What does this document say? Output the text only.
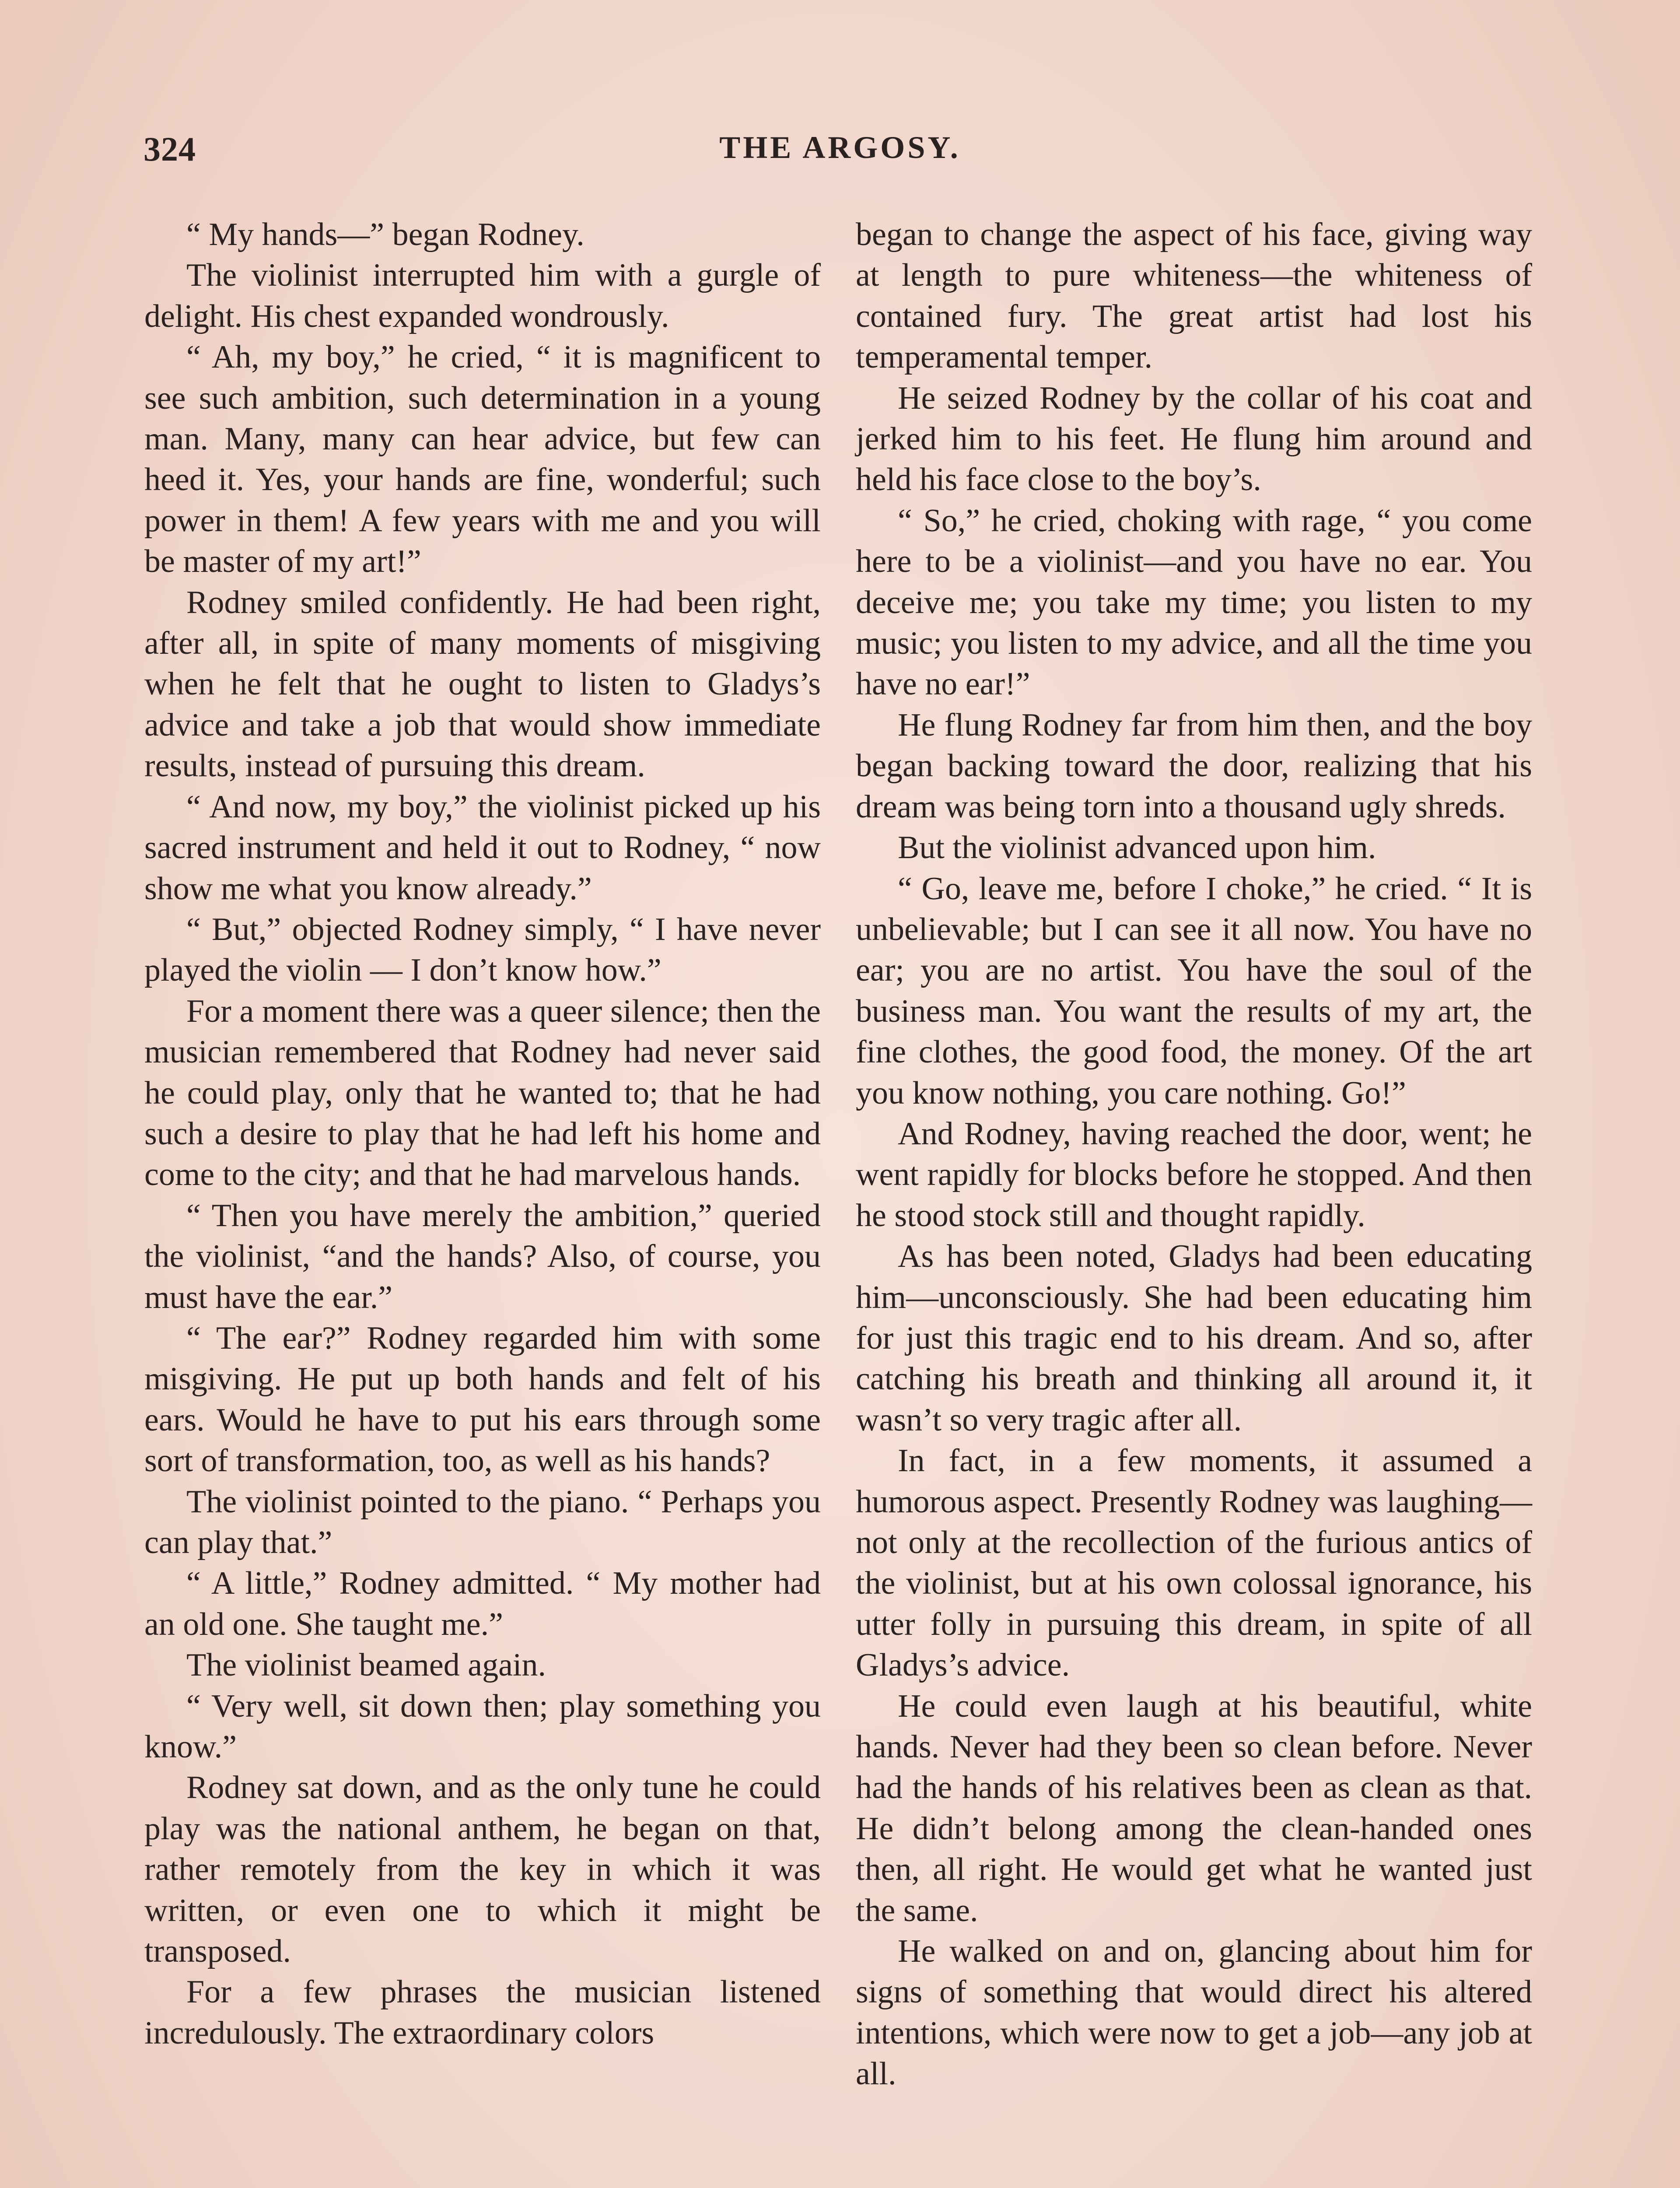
324	THE ARGOSY.

“ My hands—” began Rodney.

The violinist interrupted him with a gurgle of delight. His chest expanded wondrously.

“ Ah, my boy,” he cried, “ it is magnificent to see such ambition, such determination in a young man. Many, many can hear advice, but few can heed it. Yes, your hands are fine, wonderful; such power in them! A few years with me and you will be master of my art!”

Rodney smiled confidently. He had been right, after all, in spite of many moments of misgiving when he felt that he ought to listen to Gladys’s advice and take a job that would show immediate results, instead of pursuing this dream.

“ And now, my boy,” the violinist picked up his sacred instrument and held it out to Rodney, “ now show me what you know already.”

“ But,” objected Rodney simply, “ I have never played the violin — I don’t know how.”

For a moment there was a queer silence; then the musician remembered that Rodney had never said he could play, only that he wanted to; that he had such a desire to play that he had left his home and come to the city; and that he had marvelous hands.

“ Then you have merely the ambition,” queried the violinist, “and the hands? Also, of course, you must have the ear.”

“ The ear?” Rodney regarded him with some misgiving. He put up both hands and felt of his ears. Would he have to put his ears through some sort of transformation, too, as well as his hands?

The violinist pointed to the piano. “ Perhaps you can play that.”

“ A little,” Rodney admitted. “ My mother had an old one. She taught me.”

The violinist beamed again.

“ Very well, sit down then; play something you know.”

Rodney sat down, and as the only tune he could play was the national anthem, he began on that, rather remotely from the key in which it was written, or even one to which it might be transposed.

For a few phrases the musician listened incredulously. The extraordinary colors

began to change the aspect of his face, giving way at length to pure whiteness—the whiteness of contained fury. The great artist had lost his temperamental temper.

He seized Rodney by the collar of his coat and jerked him to his feet. He flung him around and held his face close to the boy’s.

“ So,” he cried, choking with rage, “ you come here to be a violinist—and you have no ear. You deceive me; you take my time; you listen to my music; you listen to my advice, and all the time you have no ear!”

He flung Rodney far from him then, and the boy began backing toward the door, realizing that his dream was being torn into a thousand ugly shreds.

But the violinist advanced upon him.

“ Go, leave me, before I choke,” he cried. “ It is unbelievable; but I can see it all now. You have no ear; you are no artist. You have the soul of the business man. You want the results of my art, the fine clothes, the good food, the money. Of the art you know nothing, you care nothing. Go!”

And Rodney, having reached the door, went; he went rapidly for blocks before he stopped. And then he stood stock still and thought rapidly.

As has been noted, Gladys had been educating him—unconsciously. She had been educating him for just this tragic end to his dream. And so, after catching his breath and thinking all around it, it wasn’t so very tragic after all.

In fact, in a few moments, it assumed a humorous aspect. Presently Rodney was laughing—not only at the recollection of the furious antics of the violinist, but at his own colossal ignorance, his utter folly in pursuing this dream, in spite of all Gladys’s advice.

He could even laugh at his beautiful, white hands. Never had they been so clean before. Never had the hands of his relatives been as clean as that. He didn’t belong among the clean-handed ones then, all right. He would get what he wanted just the same.

He walked on and on, glancing about him for signs of something that would direct his altered intentions, which were now to get a job—any job at all.
